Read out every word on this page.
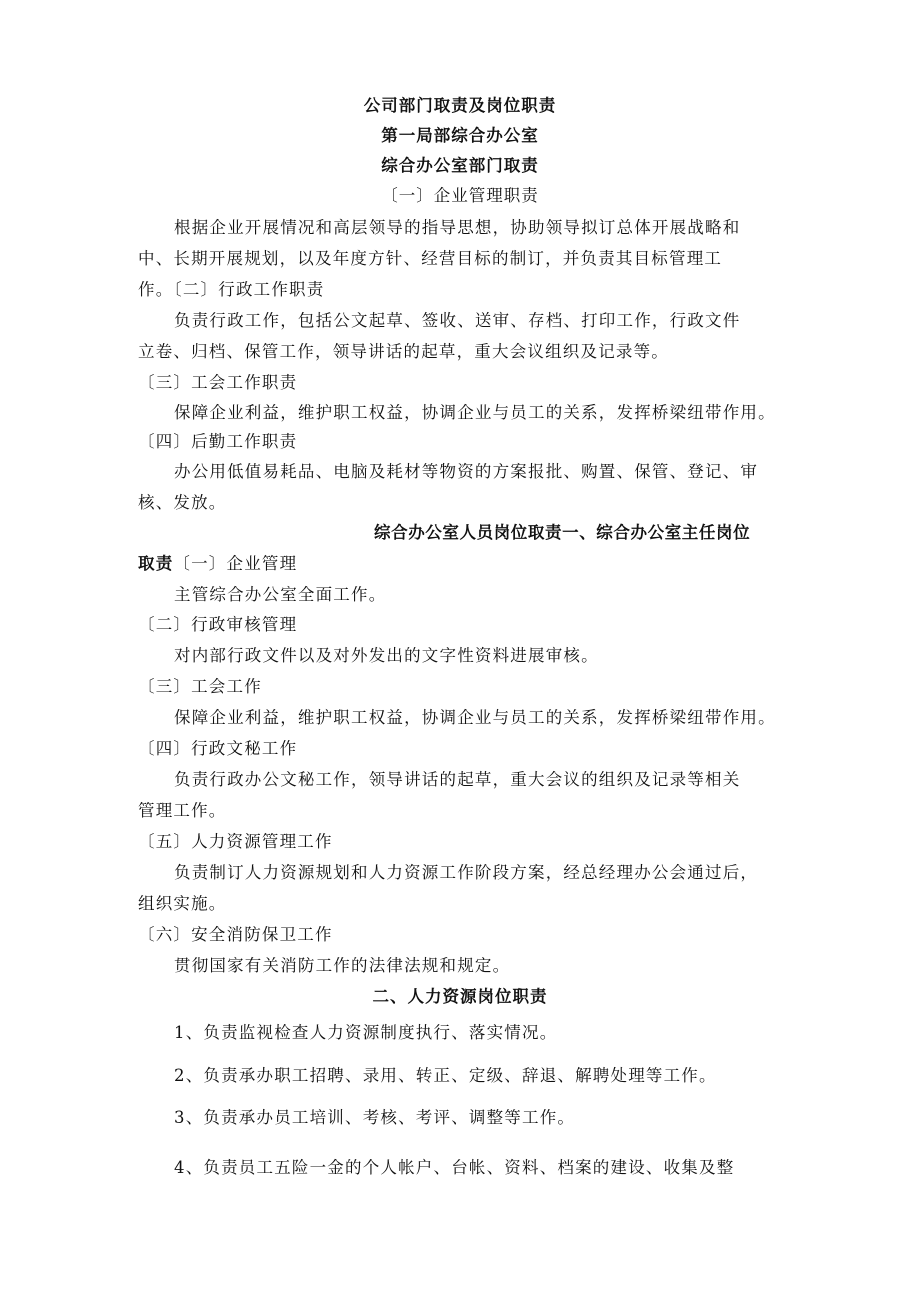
公司部门取责及岗位职责
第一局部综合办公室
综合办公室部门取责
〔一〕企业管理职责
根据企业开展情况和高层领导的指导思想，协助领导拟订总体开展战略和
中、长期开展规划，以及年度方针、经营目标的制订，并负责其目标管理工
作。〔二〕行政工作职责
负责行政工作，包括公文起草、签收、送审、存档、打印工作，行政文件
立卷、归档、保管工作，领导讲话的起草，重大会议组织及记录等。
〔三〕工会工作职责
保障企业利益，维护职工权益，协调企业与员工的关系，发挥桥梁纽带作用。
〔四〕后勤工作职责
办公用低值易耗品、电脑及耗材等物资的方案报批、购置、保管、登记、审
核、发放。
综合办公室人员岗位取责一、综合办公室主任岗位
取责〔一〕企业管理
主管综合办公室全面工作。
〔二〕行政审核管理
对内部行政文件以及对外发出的文字性资料进展审核。
〔三〕工会工作
保障企业利益，维护职工权益，协调企业与员工的关系，发挥桥梁纽带作用。
〔四〕行政文秘工作
负责行政办公文秘工作，领导讲话的起草，重大会议的组织及记录等相关
管理工作。
〔五〕人力资源管理工作
负责制订人力资源规划和人力资源工作阶段方案，经总经理办公会通过后，
组织实施。
〔六〕安全消防保卫工作
贯彻国家有关消防工作的法律法规和规定。
二、人力资源岗位职责
1、负责监视检查人力资源制度执行、落实情况。
2、负责承办职工招聘、录用、转正、定级、辞退、解聘处理等工作。
3、负责承办员工培训、考核、考评、调整等工作。
4、负责员工五险一金的个人帐户、台帐、资料、档案的建设、收集及整
